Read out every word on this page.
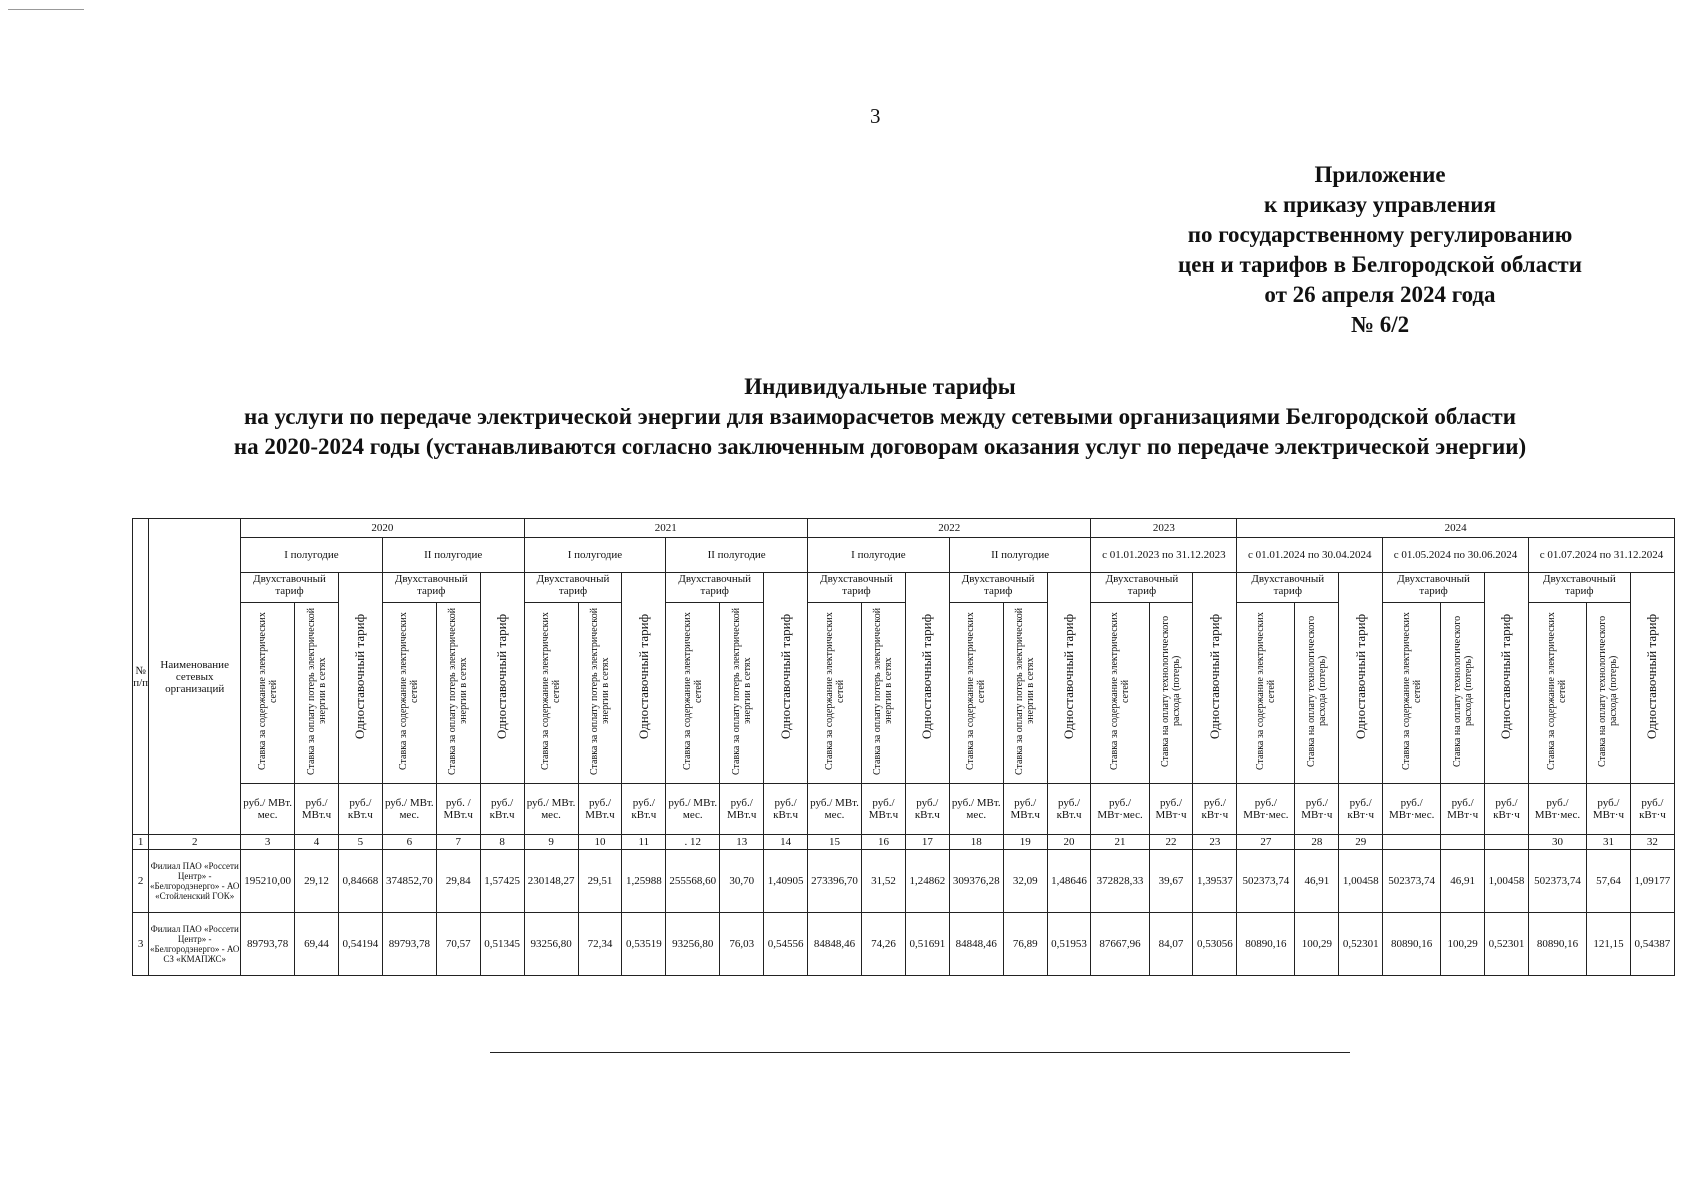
3
Приложение
к приказу управления
по государственному регулированию
цен и тарифов в Белгородской области
от 26 апреля 2024 года
№ 6/2
Индивидуальные тарифы
на услуги по передаче электрической энергии для взаиморасчетов между сетевыми организациями Белгородской области
на 2020-2024 годы (устанавливаются согласно заключенным договорам оказания услуг по передаче электрической энергии)
№ п/п	Наименование сетевых организаций	2020						2021						2022						2023			2024								
		I полугодие			II полугодие			I полугодие			II полугодие			I полугодие			II полугодие			с 01.01.2023 по 31.12.2023			с 01.01.2024 по 30.04.2024			с 01.05.2024 по 30.06.2024			с 01.07.2024 по 31.12.2024		
		Двухставочный тариф		Одноставочный тариф	Двухставочный тариф		Одноставочный тариф	Двухставочный тариф		Одноставочный тариф	Двухставочный тариф		Одноставочный тариф	Двухставочный тариф		Одноставочный тариф	Двухставочный тариф		Одноставочный тариф	Двухставочный тариф		Одноставочный тариф	Двухставочный тариф		Одноставочный тариф	Двухставочный тариф		Одноставочный тариф	Двухставочный тариф		Одноставочный тариф
		Ставка за содержание электрических сетей	Ставка за оплату потерь электрической энергии в сетях		Ставка за содержание электрических сетей	Ставка за оплату потерь электрической энергии в сетях		Ставка за содержание электрических сетей	Ставка за оплату потерь электрической энергии в сетях		Ставка за содержание электрических сетей	Ставка за оплату потерь электрической энергии в сетях		Ставка за содержание электрических сетей	Ставка за оплату потерь электрической энергии в сетях		Ставка за содержание электрических сетей	Ставка за оплату потерь электрической энергии в сетях		Ставка за содержание электрических сетей	Ставка на оплату технологического расхода (потерь)		Ставка за содержание электрических сетей	Ставка на оплату технологического расхода (потерь)		Ставка за содержание электрических сетей	Ставка на оплату технологического расхода (потерь)		Ставка за содержание электрических сетей	Ставка на оплату технологического расхода (потерь)	
		руб./ МВт. мес.	руб./ МВт.ч	руб./ кВт.ч	руб./ МВт. мес.	руб. /МВт.ч	руб./ кВт.ч	руб./ МВт. мес.	руб./ МВт.ч	руб./ кВт.ч	руб./ МВт. мес.	руб./ МВт.ч	руб./ кВт.ч	руб./ МВт. мес.	руб./ МВт.ч	руб./ кВт.ч	руб./ МВт. мес.	руб./ МВт.ч	руб./ кВт.ч	руб./ МВт·мес.	руб./ МВт·ч	руб./ кВт·ч	руб./ МВт·мес.	руб./ МВт·ч	руб./ кВт·ч	руб./ МВт·мес.	руб./ МВт·ч	руб./ кВт·ч	руб./ МВт·мес.	руб./ МВт·ч	руб./ кВт·ч
1	2	3	4	5	6	7	8	9	10	11	. 12	13	14	15	16	17	18	19	20	21	22	23	27	28	29				30	31	32
2	Филиал ПАО «Россети Центр» - «Белгородэнерго» - АО «Стойленский ГОК»	195210,00	29,12	0,84668	374852,70	29,84	1,57425	230148,27	29,51	1,25988	255568,60	30,70	1,40905	273396,70	31,52	1,24862	309376,28	32,09	1,48646	372828,33	39,67	1,39537	502373,74	46,91	1,00458	502373,74	46,91	1,00458	502373,74	57,64	1,09177
3	Филиал ПАО «Россети Центр» - «Белгородэнерго» - АО СЗ «КМАПЖС»	89793,78	69,44	0,54194	89793,78	70,57	0,51345	93256,80	72,34	0,53519	93256,80	76,03	0,54556	84848,46	74,26	0,51691	84848,46	76,89	0,51953	87667,96	84,07	0,53056	80890,16	100,29	0,52301	80890,16	100,29	0,52301	80890,16	121,15	0,54387
